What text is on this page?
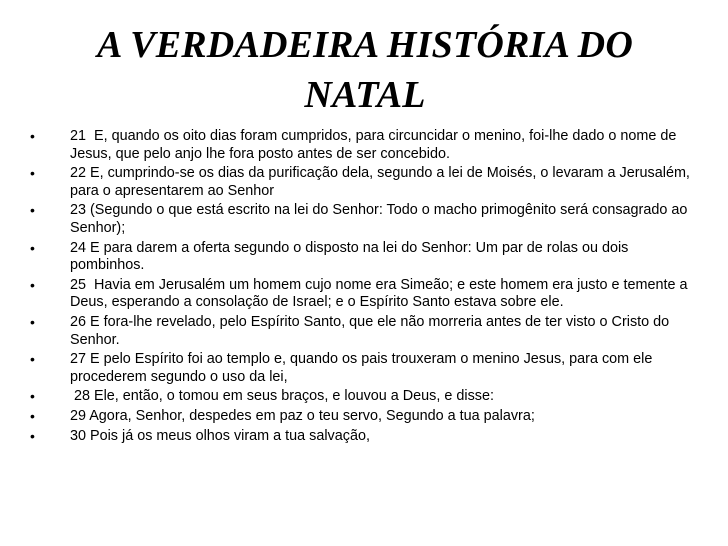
A VERDADEIRA HISTÓRIA DO
NATAL
•	21  E, quando os oito dias foram cumpridos, para circuncidar o menino, foi-lhe dado o nome de Jesus, que pelo anjo lhe fora posto antes de ser concebido.
•	22 E, cumprindo-se os dias da purificação dela, segundo a lei de Moisés, o levaram a Jerusalém, para o apresentarem ao Senhor
•	23 (Segundo o que está escrito na lei do Senhor: Todo o macho primogênito será consagrado ao Senhor);
•	24 E para darem a oferta segundo o disposto na lei do Senhor: Um par de rolas ou dois pombinhos.
•	25  Havia em Jerusalém um homem cujo nome era Simeão; e este homem era justo e temente a Deus, esperando a consolação de Israel; e o Espírito Santo estava sobre ele.
•	26 E fora-lhe revelado, pelo Espírito Santo, que ele não morreria antes de ter visto o Cristo do Senhor.
•	27 E pelo Espírito foi ao templo e, quando os pais trouxeram o menino Jesus, para com ele procederem segundo o uso da lei,
•	28 Ele, então, o tomou em seus braços, e louvou a Deus, e disse:
•	29 Agora, Senhor, despedes em paz o teu servo, Segundo a tua palavra;
•	30 Pois já os meus olhos viram a tua salvação,
